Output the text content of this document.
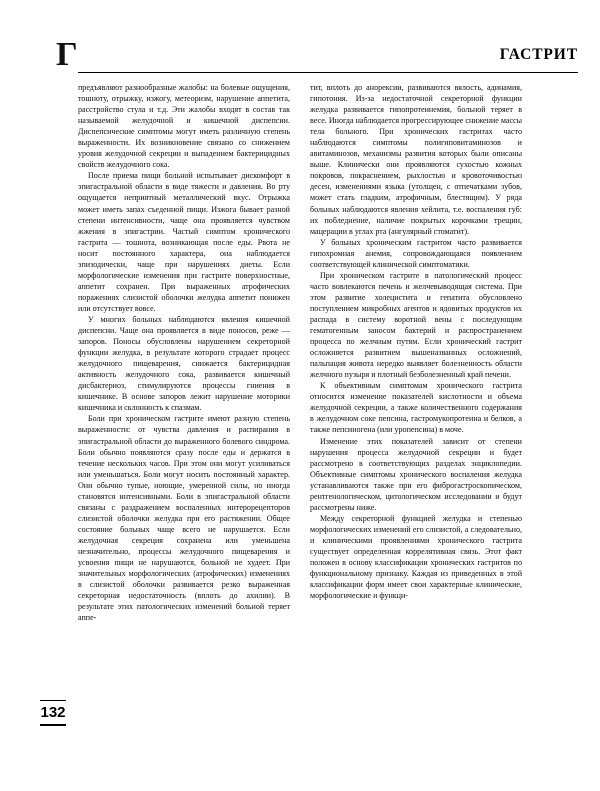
Г	ГАСТРИТ

предъявляют разнообразные жалобы: на болевые ощущения, тошноту, отрыжку, изжогу, метеоризм, нарушение аппетита, расстройство стула и т.д. Эти жалобы входят в состав так называемой желудочной и кишечной диспепсии. Диспепсические симптомы могут иметь различную степень выраженности. Их возникновение связано со снижением уровня желудочной секреции и выпадением бактерицидных свойств желудочного сока.

После приема пищи больной испытывает дискомфорт в эпигастральной области в виде тяжести и давления. Во рту ощущается неприятный металлический вкус. Отрыжка может иметь запах съеденной пищи. Изжога бывает разной степени интенсивности, чаще она проявляется чувством жжения в эпигастрии. Частый симптом хронического гастрита — тошнота, возникающая после еды. Рвота не носит постоянного характера, она наблюдается эпизодически, чаще при нарушениях диеты. Если морфологические изменения при гастрите поверхностные, аппетит сохранен. При выраженных атрофических поражениях слизистой оболочки желудка аппетит понижен или отсутствует вовсе.

У многих больных наблюдаются явления кишечной диспепсии. Чаще она проявляется в виде поносов, реже — запоров. Поносы обусловлены нарушением секреторной функции желудка, в результате которого страдает процесс желудочного пищеварения, снижается бактерицидная активность желудочного сока, развивается кишечный дисбактериоз, стимулируются процессы гниения в кишечнике. В основе запоров лежит нарушение моторики кишечника и склонность к спазмам.

Боли при хроническом гастрите имеют разную степень выраженности: от чувства давления и распирания в эпигастральной области до выраженного болевого синдрома. Боли обычно появляются сразу после еды и держатся в течение нескольких часов. При этом они могут усиливаться или уменьшаться. Боли могут носить постоянный характер. Они обычно тупые, ноющие, умеренной силы, но иногда становятся интенсивными. Боли в эпигастральной области связаны с раздражением воспаленных интерорецепторов слизистой оболочки желудка при его растяжении. Общее состояние больных чаще всего не нарушается. Если желудочная секреция сохранена или уменьшена незначительно, процессы желудочного пищеварения и усвоения пищи не нарушаются, больной не худеет. При значительных морфологических (атрофических) изменениях в слизистой оболочки развивается резко выраженная секреторная недостаточность (вплоть до ахилии). В результате этих патологических изменений больной теряет аппе-

тит, вплоть до анорексии, развиваются вялость, адинамия, гипотония. Из-за недостаточной секреторной функции желудка развивается гипопротеинемия, больной теряет в весе. Иногда наблюдается прогрессирующее снижение массы тела больного. При хронических гастритах часто наблюдаются симптомы полигиповитаминозов и авитаминозов, механизмы развития которых были описаны выше. Клинически они проявляются сухостью кожных покровов, покраснением, рыхлостью и кровоточивостью десен, изменениями языка (утолщен, с отпечатками зубов, может стать гладким, атрофичным, блестящим). У ряда больных наблюдаются явления хейлита, т.е. воспаления губ: их побледнение, наличие покрытых корочками трещин, мацерации в углах рта (ангулярный стоматит).

У больных хроническим гастритом часто развивается гипохромная анемия, сопровождающаяся появлением соответствующей клинической симптоматики.

При хроническом гастрите в патологический процесс часто вовлекаются печень и желчевыводящая система. При этом развитие холецистита и гепатита обусловлено поступлением микробных агентов и ядовитых продуктов их распада в систему воротной вены с последующим гематогенным заносом бактерий и распространением процесса по желчным путям. Если хронический гастрит осложняется развитием вышеназванных осложнений, пальпация живота нередко выявляет болезненность области желчного пузыря и плотный безболезненный край печени.

К объективным симптомам хронического гастрита относится изменение показателей кислотности и объема желудочной секреции, а также количественного содержания в желудочном соке пепсина, гастромукопротеина и белков, а также пепсиногена (или уропепсина) в моче.

Изменение этих показателей зависит от степени нарушения процесса желудочной секреции и будет рассмотрено в соответствующих разделах энциклопедии. Объективные симптомы хронического воспаления желудка устанавливаются также при его фиброгастроскопическом, рентгенологическом, цитологическом исследовании и будут рассмотрены ниже.

Между секреторной функцией желудка и степенью морфологических изменений его слизистой, а следовательно, и клиническими проявлениями хронического гастрита существует определенная коррелятивная связь. Этот факт положен в основу классификации хронических гастритов по функциональному признаку. Каждая из приведенных в этой классификации форм имеет свои характерные клинические, морфологические и функци-

132
